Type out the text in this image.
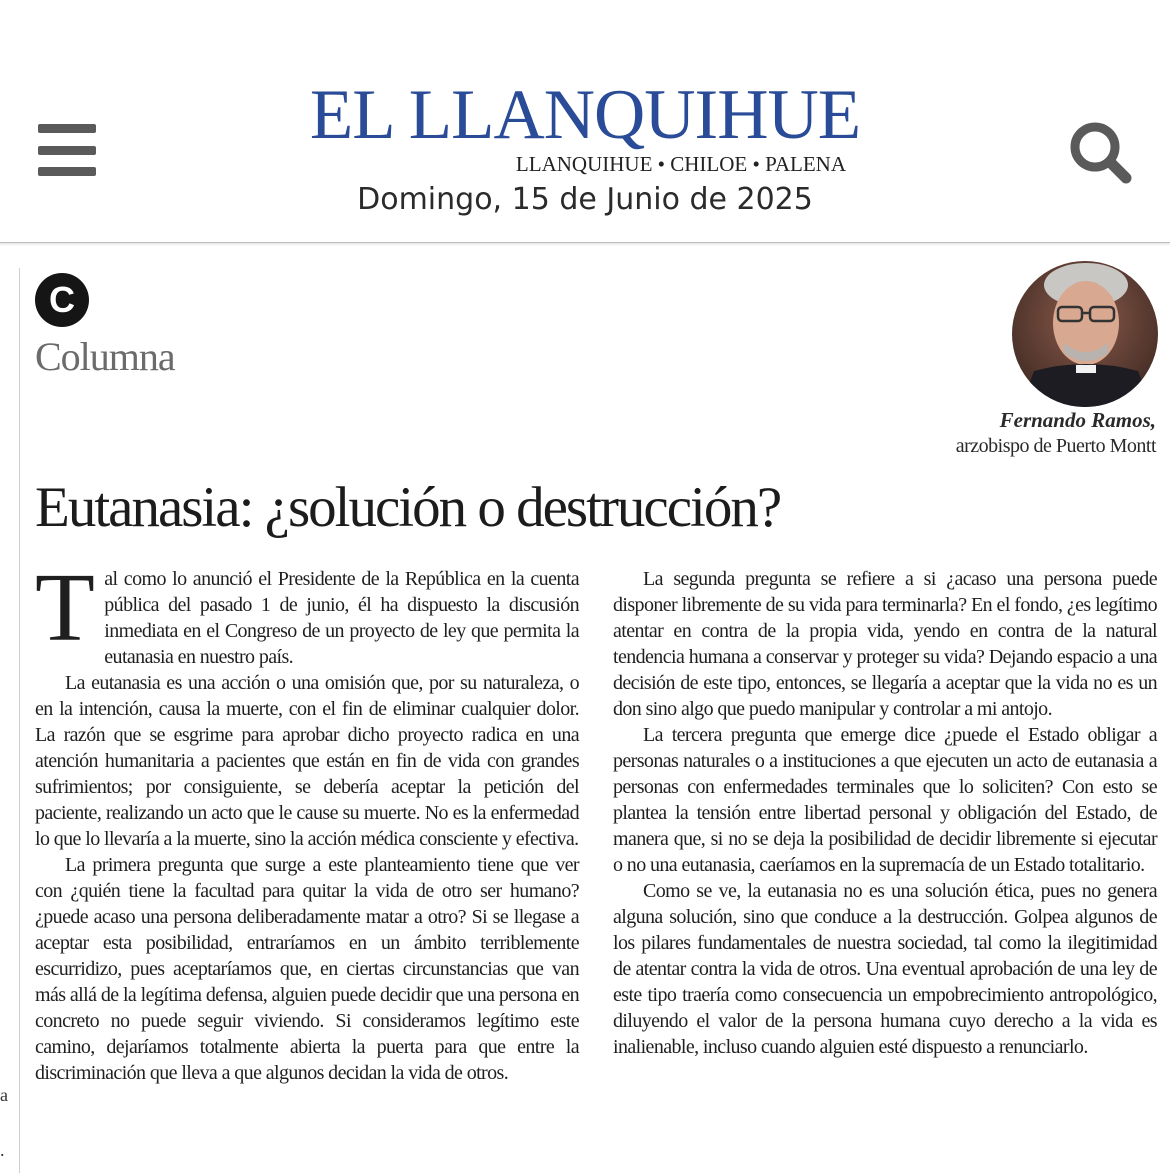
EL LLANQUIHUE
LLANQUIHUE • CHILOE • PALENA
Domingo, 15 de Junio de 2025
a
.
C
Columna
Fernando Ramos,
arzobispo de Puerto Montt
Eutanasia: ¿solución o destrucción?

Tal como lo anunció el Presidente de la República en la cuenta pública del pasado 1 de junio, él ha dispuesto la discusión inmediata en el Congreso de un proyecto de ley que permita la eutanasia en nuestro país.

La eutanasia es una acción o una omisión que, por su naturaleza, o en la intención, causa la muerte, con el fin de eliminar cualquier dolor. La razón que se esgrime para aprobar dicho proyecto radica en una atención humanitaria a pacientes que están en fin de vida con grandes sufrimientos; por consiguiente, se debería aceptar la petición del paciente, realizando un acto que le cause su muerte. No es la enfermedad lo que lo llevaría a la muerte, sino la acción médica consciente y efectiva.

La primera pregunta que surge a este planteamiento tiene que ver con ¿quién tiene la facultad para quitar la vida de otro ser humano? ¿puede acaso una persona deliberadamente matar a otro? Si se llegase a aceptar esta posibilidad, entraríamos en un ámbito terriblemente escurridizo, pues aceptaríamos que, en ciertas circunstancias que van más allá de la legítima defensa, alguien puede decidir que una persona en concreto no puede seguir viviendo. Si consideramos legítimo este camino, dejaríamos totalmente abierta la puerta para que entre la discriminación que lleva a que algunos decidan la vida de otros.

La segunda pregunta se refiere a si ¿acaso una persona puede disponer libremente de su vida para terminarla? En el fondo, ¿es legítimo atentar en contra de la propia vida, yendo en contra de la natural tendencia humana a conservar y proteger su vida? Dejando espacio a una decisión de este tipo, entonces, se llegaría a aceptar que la vida no es un don sino algo que puedo manipular y controlar a mi antojo.

La tercera pregunta que emerge dice ¿puede el Estado obligar a personas naturales o a instituciones a que ejecuten un acto de eutanasia a personas con enfermedades terminales que lo soliciten? Con esto se plantea la tensión entre libertad personal y obligación del Estado, de manera que, si no se deja la posibilidad de decidir libremente si ejecutar o no una eutanasia, caeríamos en la supremacía de un Estado totalitario.

Como se ve, la eutanasia no es una solución ética, pues no genera alguna solución, sino que conduce a la destrucción. Golpea algunos de los pilares fundamentales de nuestra sociedad, tal como la ilegitimidad de atentar contra la vida de otros. Una eventual aprobación de una ley de este tipo traería como consecuencia un empobrecimiento antropológico, diluyendo el valor de la persona humana cuyo derecho a la vida es inalienable, incluso cuando alguien esté dispuesto a renunciarlo.
